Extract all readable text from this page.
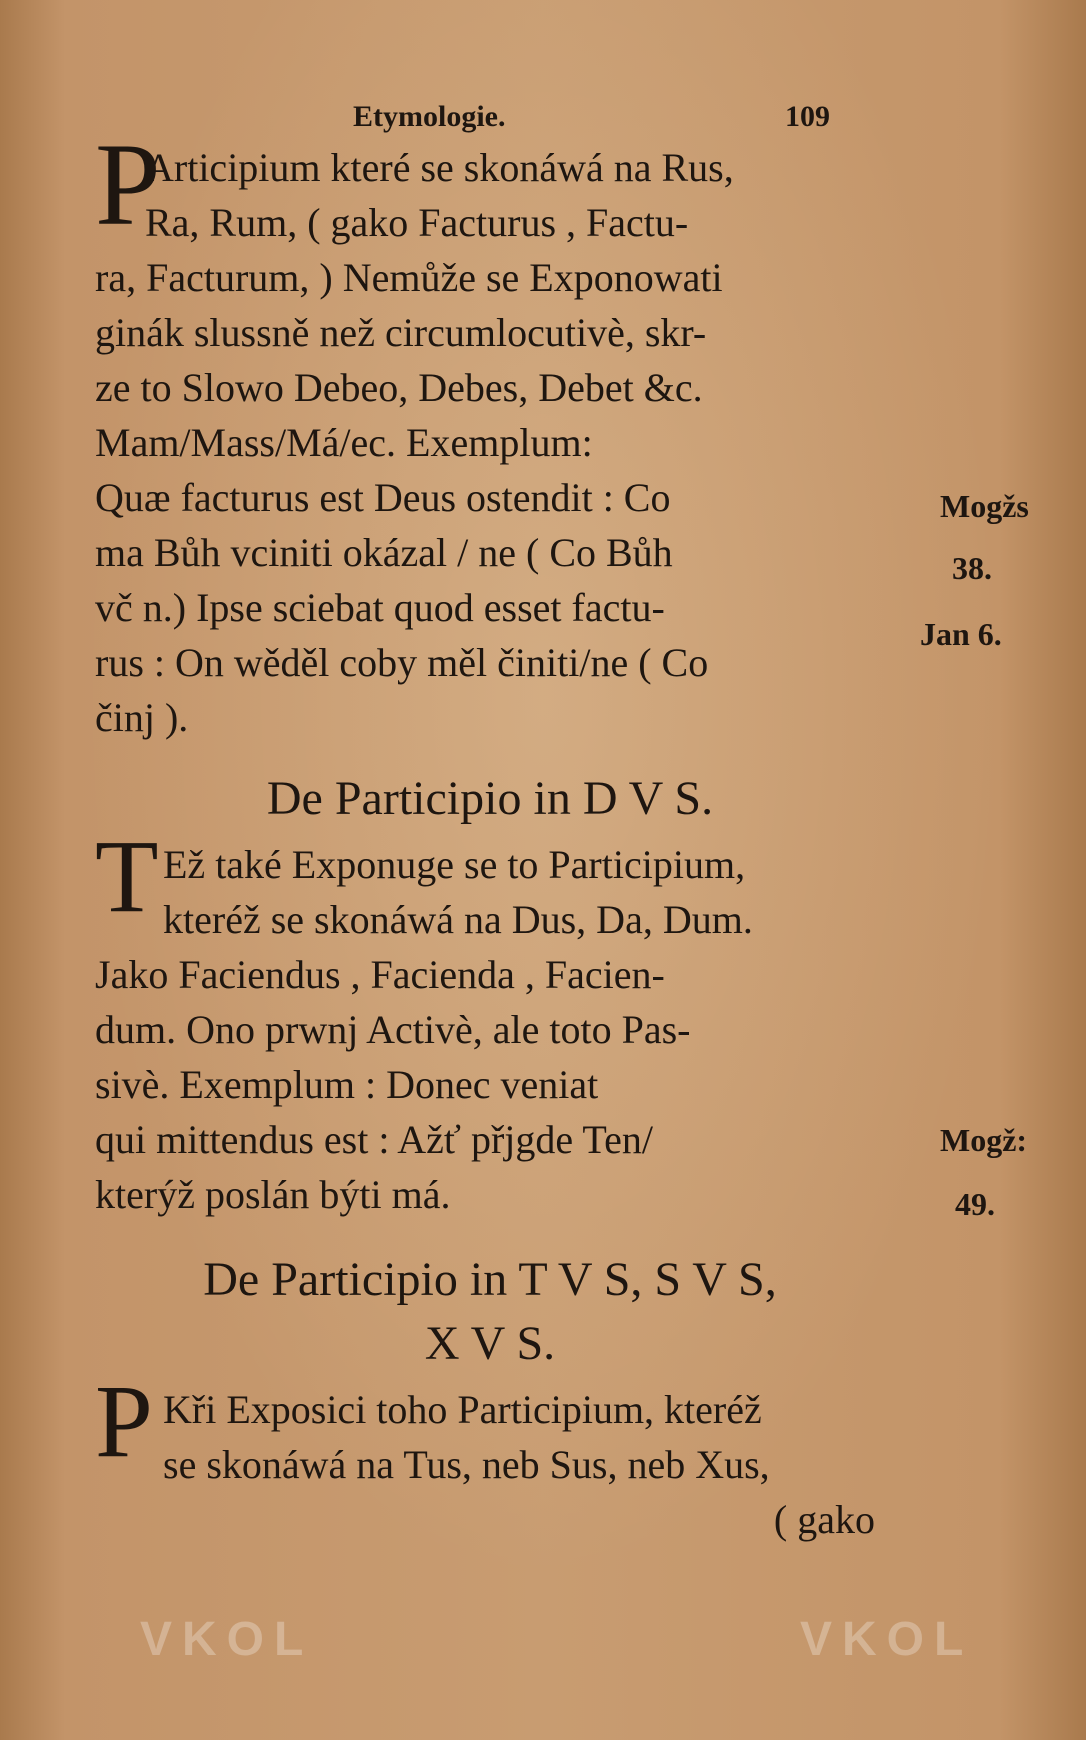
Etymologie.	109
P
Articipium které se skonáwá na Rus,
Ra, Rum, ( gako Facturus , Factu-
ra, Facturum, ) Nemůže se Exponowati
ginák slussně než circumlocutivè, skr-
ze to Slowo Debeo, Debes, Debet &c.
Mam/Mass/Má/ec. Exemplum:
Quæ facturus est Deus ostendit : Co
ma Bůh vciniti okázal / ne ( Co Bůh
vč n.) Ipse sciebat quod esset factu-
rus : On wěděl coby měl činiti/ne ( Co
činj ).
De Participio in D V S.
T Ež také Exponuge se to Participium,
kteréž se skonáwá na Dus, Da, Dum.
Jako Faciendus , Facienda , Facien-
dum. Ono prwnj Activè, ale toto Pas-
sivè. Exemplum : Donec veniat
qui mittendus est : Ažť přjgde Ten/
kterýž poslán býti má.
De Participio in T V S, S V S,
X V S.
P Kři Exposici toho Participium, kteréž
se skonáwá na Tus, neb Sus, neb Xus,
( gako
Mogžs
38.
Jan 6.
Mogž:
49.
VKOL	VKOL
